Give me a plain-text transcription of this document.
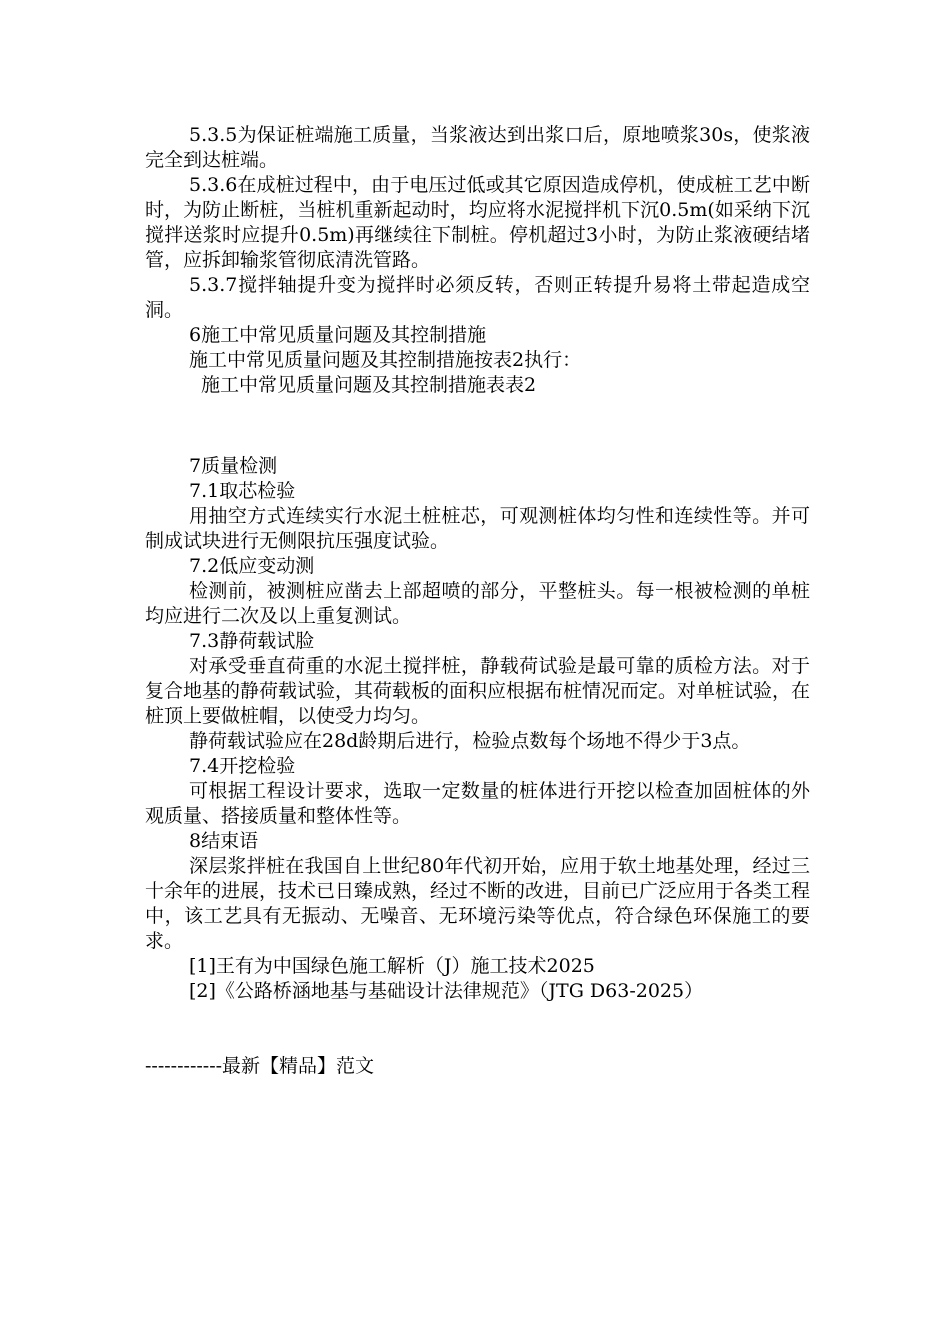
5.3.5为保证桩端施工质量，当浆液达到出浆口后，原地喷浆30s，使浆液完全到达桩端。

5.3.6在成桩过程中，由于电压过低或其它原因造成停机，使成桩工艺中断时，为防止断桩，当桩机重新起动时，均应将水泥搅拌机下沉0.5m(如采纳下沉搅拌送浆时应提升0.5m)再继续往下制桩。停机超过3小时，为防止浆液硬结堵管，应拆卸输浆管彻底清洗管路。

5.3.7搅拌轴提升变为搅拌时必须反转，否则正转提升易将土带起造成空洞。

6施工中常见质量问题及其控制措施

施工中常见质量问题及其控制措施按表2执行：

施工中常见质量问题及其控制措施表表2

7质量检测

7.1取芯检验

用抽空方式连续实行水泥土桩桩芯，可观测桩体均匀性和连续性等。并可制成试块进行无侧限抗压强度试验。

7.2低应变动测

检测前，被测桩应凿去上部超喷的部分，平整桩头。每一根被检测的单桩均应进行二次及以上重复测试。

7.3静荷载试脸

对承受垂直荷重的水泥土搅拌桩，静载荷试验是最可靠的质检方法。对于复合地基的静荷载试验，其荷载板的面积应根据布桩情况而定。对单桩试验，在桩顶上要做桩帽，以使受力均匀。

静荷载试验应在28d龄期后进行，检验点数每个场地不得少于3点。

7.4开挖检验

可根据工程设计要求，选取一定数量的桩体进行开挖以检查加固桩体的外观质量、搭接质量和整体性等。

8结束语

深层浆拌桩在我国自上世纪80年代初开始，应用于软土地基处理，经过三十余年的进展，技术已日臻成熟，经过不断的改进，目前已广泛应用于各类工程中，该工艺具有无振动、无噪音、无环境污染等优点，符合绿色环保施工的要求。

[1]王有为中国绿色施工解析（J）施工技术2025

[2]《公路桥涵地基与基础设计法律规范》（JTG D63-2025）

------------最新【精品】范文
